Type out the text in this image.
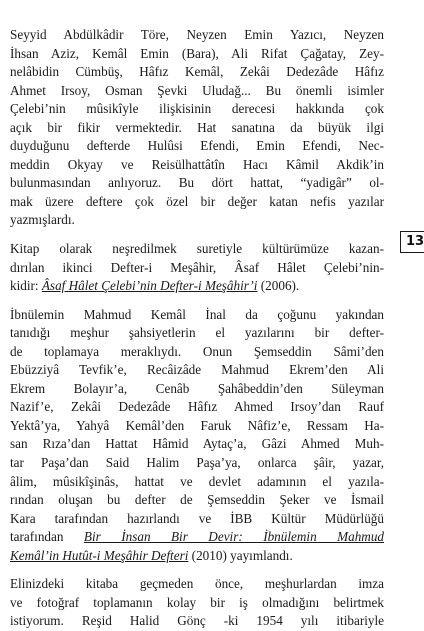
Seyyid Abdülkâdir Töre, Neyzen Emin Yazıcı, Neyzen
İhsan Aziz, Kemâl Emin (Bara), Ali Rifat Çağatay, Zey-
nelâbidin Cümbüş, Hâfız Kemâl, Zekâi Dedezâde Hâfız
Ahmet Irsoy, Osman Şevki Uludağ... Bu önemli isimler
Çelebi’nin mûsikîyle ilişkisinin derecesi hakkında çok
açık bir fikir vermektedir. Hat sanatına da büyük ilgi
duyduğunu defterde Hulûsi Efendi, Emin Efendi, Nec-
meddin Okyay ve Reisülhattâtîn Hacı Kâmil Akdik’in
bulunmasından anlıyoruz. Bu dört hattat, “yadigâr” ol-
mak üzere deftere çok özel bir değer katan nefis yazılar
yazmışlardı.
Kitap olarak neşredilmek suretiyle kültürümüze kazan-
dırılan ikinci Defter-i Meşâhir, Âsaf Hâlet Çelebi’nin-
kidir: Âsaf Hâlet Çelebi’nin Defter-i Meşâhir’i (2006).
İbnülemin Mahmud Kemâl İnal da çoğunu yakından
tanıdığı meşhur şahsiyetlerin el yazılarını bir defter-
de toplamaya meraklıydı. Onun Şemseddin Sâmi’den
Ebüzziyâ Tevfik’e, Recâizâde Mahmud Ekrem’den Ali
Ekrem Bolayır’a, Cenâb Şahâbeddin’den Süleyman
Nazif’e, Zekâi Dedezâde Hâfız Ahmed Irsoy’dan Rauf
Yektâ’ya, Yahyâ Kemâl’den Faruk Nâfiz’e, Ressam Ha-
san Rıza’dan Hattat Hâmid Aytaç’a, Gâzi Ahmed Muh-
tar Paşa’dan Said Halim Paşa’ya, onlarca şâir, yazar,
âlim, mûsikîşinâs, hattat ve devlet adamının el yazıla-
rından oluşan bu defter de Şemseddin Şeker ve İsmail
Kara tarafından hazırlandı ve İBB Kültür Müdürlüğü
tarafından Bir İnsan Bir Devir: İbnülemin Mahmud
Kemâl’in Hutût-i Meşâhir Defteri (2010) yayımlandı.
Elinizdeki kitaba geçmeden önce, meşhurlardan imza
ve fotoğraf toplamanın kolay bir iş olmadığını belirtmek
istiyorum. Reşid Halid Gönç -ki 1954 yılı itibariyle
13
